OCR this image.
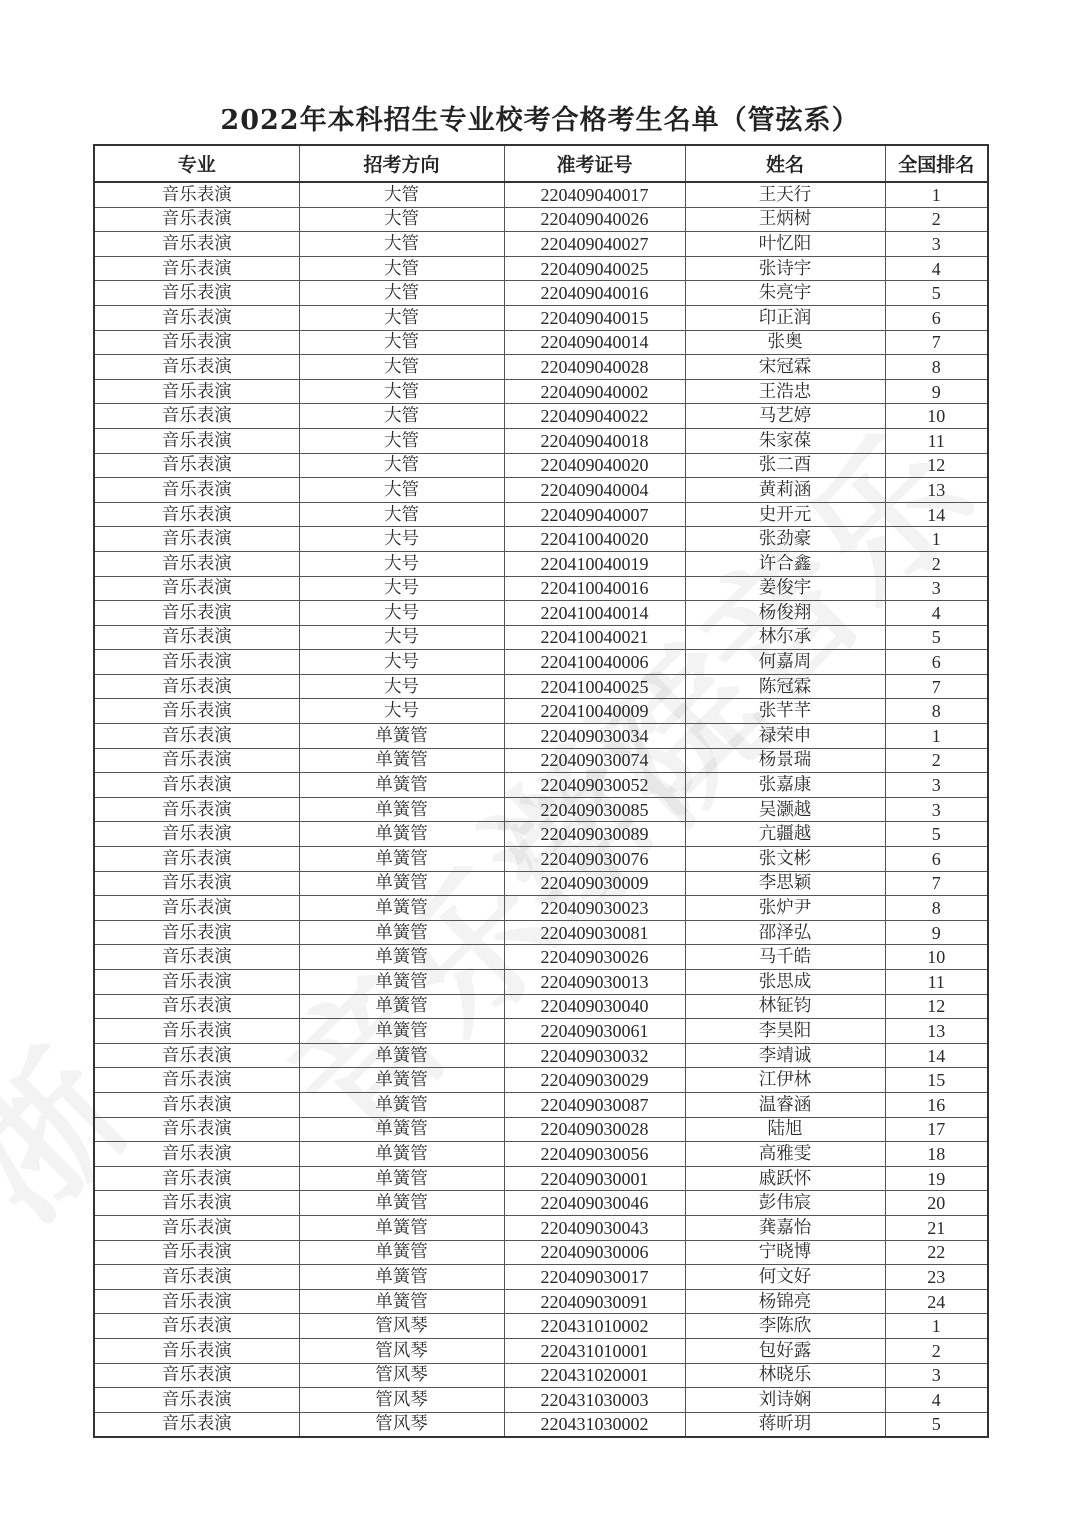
2022年本科招生专业校考合格考生名单（管弦系）
专业	招考方向	准考证号	姓名	全国排名
音乐表演	大管	220409040017	王天行	1
音乐表演	大管	220409040026	王炳树	2
音乐表演	大管	220409040027	叶忆阳	3
音乐表演	大管	220409040025	张诗宇	4
音乐表演	大管	220409040016	朱亮宇	5
音乐表演	大管	220409040015	印正润	6
音乐表演	大管	220409040014	张奥	7
音乐表演	大管	220409040028	宋冠霖	8
音乐表演	大管	220409040002	王浩忠	9
音乐表演	大管	220409040022	马艺婷	10
音乐表演	大管	220409040018	朱家葆	11
音乐表演	大管	220409040020	张二酉	12
音乐表演	大管	220409040004	黄莉涵	13
音乐表演	大管	220409040007	史开元	14
音乐表演	大号	220410040020	张劲豪	1
音乐表演	大号	220410040019	许合鑫	2
音乐表演	大号	220410040016	姜俊宇	3
音乐表演	大号	220410040014	杨俊翔	4
音乐表演	大号	220410040021	林尔承	5
音乐表演	大号	220410040006	何嘉周	6
音乐表演	大号	220410040025	陈冠霖	7
音乐表演	大号	220410040009	张芊芊	8
音乐表演	单簧管	220409030034	禄荣申	1
音乐表演	单簧管	220409030074	杨景瑞	2
音乐表演	单簧管	220409030052	张嘉康	3
音乐表演	单簧管	220409030085	吴灏越	3
音乐表演	单簧管	220409030089	亢疆越	5
音乐表演	单簧管	220409030076	张文彬	6
音乐表演	单簧管	220409030009	李思颖	7
音乐表演	单簧管	220409030023	张炉尹	8
音乐表演	单簧管	220409030081	邵泽弘	9
音乐表演	单簧管	220409030026	马千皓	10
音乐表演	单簧管	220409030013	张思成	11
音乐表演	单簧管	220409030040	林钲钧	12
音乐表演	单簧管	220409030061	李昊阳	13
音乐表演	单簧管	220409030032	李靖诚	14
音乐表演	单簧管	220409030029	江伊林	15
音乐表演	单簧管	220409030087	温睿涵	16
音乐表演	单簧管	220409030028	陆旭	17
音乐表演	单簧管	220409030056	高雅雯	18
音乐表演	单簧管	220409030001	戚跃怀	19
音乐表演	单簧管	220409030046	彭伟宸	20
音乐表演	单簧管	220409030043	龚嘉怡	21
音乐表演	单簧管	220409030006	宁晓博	22
音乐表演	单簧管	220409030017	何文好	23
音乐表演	单簧管	220409030091	杨锦亮	24
音乐表演	管风琴	220431010002	李陈欣	1
音乐表演	管风琴	220431010001	包好露	2
音乐表演	管风琴	220431020001	林晓乐	3
音乐表演	管风琴	220431030003	刘诗娴	4
音乐表演	管风琴	220431030002	蒋昕玥	5
